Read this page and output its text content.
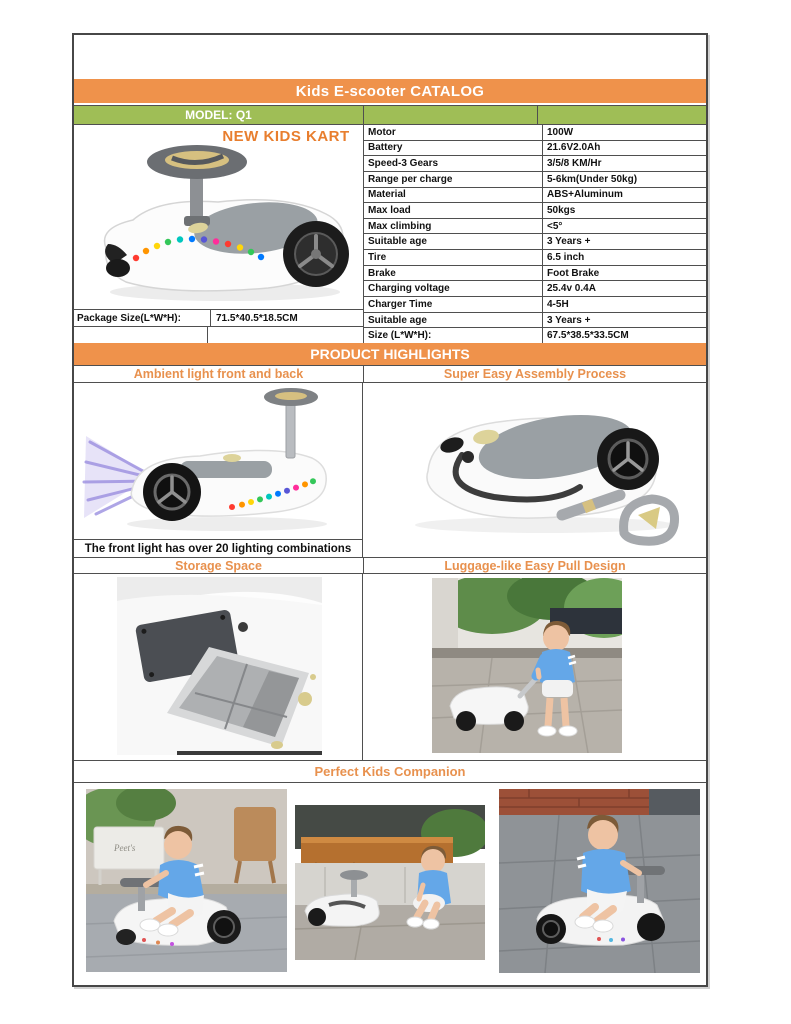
Kids E-scooter CATALOG
MODEL: Q1
NEW KIDS KART	Motor	100W
Battery	21.6V2.0Ah
Speed-3 Gears	3/5/8 KM/Hr
Range per charge	5-6km(Under 50kg)
Material	ABS+Aluminum
Max load	50kgs
Max climbing	<5°
Suitable age	3 Years +
Tire	6.5 inch
Brake	Foot Brake
Charging voltage	25.4v 0.4A
Charger Time	4-5H
Suitable age	3 Years +
Size (L*W*H):	67.5*38.5*33.5CM
Package Size(L*W*H):	71.5*40.5*18.5CM
PRODUCT HIGHLIGHTS
Ambient light front and back	Super Easy Assembly Process
The front light has over 20 lighting combinations
Storage Space	Luggage-like Easy Pull Design
Perfect Kids Companion
Peet's
